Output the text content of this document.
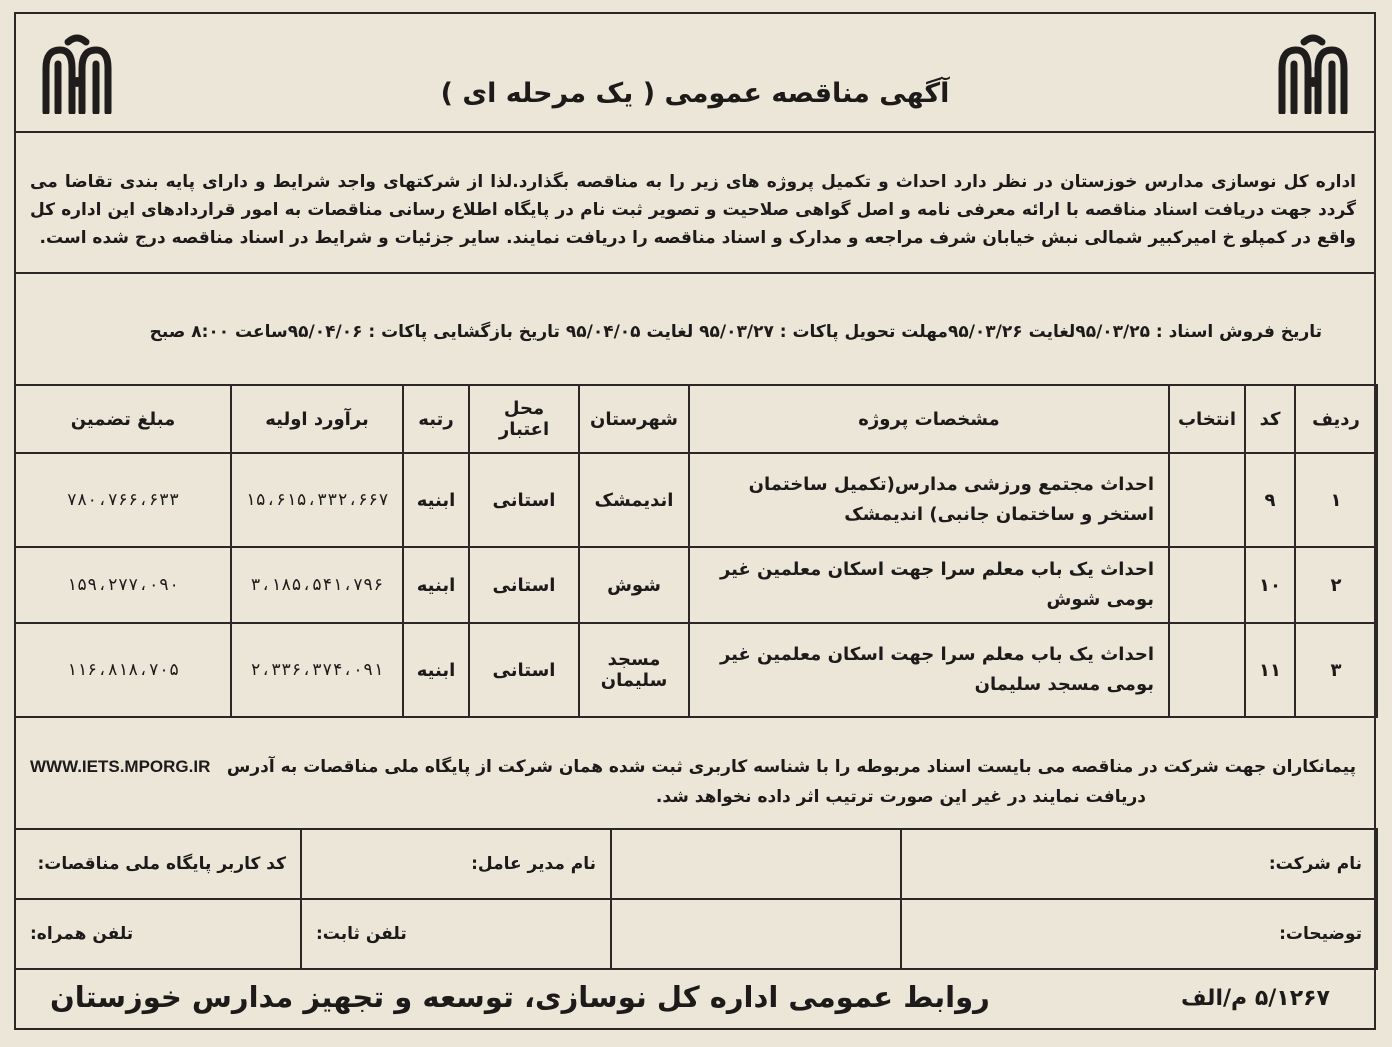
آگهی مناقصه عمومی ( یک مرحله ای )
اداره کل نوسازی مدارس خوزستان در نظر دارد احداث و تکمیل پروژه های زیر را به مناقصه بگذارد.لذا از شرکتهای واجد شرایط و دارای پایه بندی تقاضا می گردد جهت دریافت اسناد مناقصه با ارائه معرفی نامه و اصل گواهی صلاحیت و تصویر ثبت نام در پایگاه اطلاع رسانی مناقصات به امور قراردادهای این اداره کل واقع در کمپلو خ امیرکبیر شمالی نبش خیابان شرف مراجعه و مدارک و اسناد مناقصه را دریافت نمایند. سایر جزئیات و شرایط در اسناد مناقصه درج شده است.
تاریخ فروش اسناد : ۹۵/۰۳/۲۵لغایت ۹۵/۰۳/۲۶مهلت تحویل پاکات : ۹۵/۰۳/۲۷ لغایت ۹۵/۰۴/۰۵ تاریخ بازگشایی پاکات : ۹۵/۰۴/۰۶ساعت ۸:۰۰ صبح
ردیف	کد	انتخاب	مشخصات پروژه	شهرستان	محل اعتبار	رتبه	برآورد اولیه	مبلغ تضمین
۱	۹		احداث مجتمع ورزشی مدارس(تکمیل ساختمان استخر و ساختمان جانبی) اندیمشک	اندیمشک	استانی	ابنیه	۱۵،۶۱۵،۳۳۲،۶۶۷	۷۸۰،۷۶۶،۶۳۳
۲	۱۰		احداث یک باب معلم سرا جهت اسکان معلمین غیر بومی شوش	شوش	استانی	ابنیه	۳،۱۸۵،۵۴۱،۷۹۶	۱۵۹،۲۷۷،۰۹۰
۳	۱۱		احداث یک باب معلم سرا جهت اسکان معلمین غیر بومی مسجد سلیمان	مسجد سلیمان	استانی	ابنیه	۲،۳۳۶،۳۷۴،۰۹۱	۱۱۶،۸۱۸،۷۰۵
پیمانکاران جهت شرکت در مناقصه می بایست اسناد مربوطه را با شناسه کاربری ثبت شده همان شرکت از پایگاه ملی مناقصات به آدرس
WWW.IETS.MPORG.IR
دریافت نمایند در غیر این صورت ترتیب اثر داده نخواهد شد.
نام شرکت:		نام مدیر عامل:	کد کاربر پایگاه ملی مناقصات:
توضیحات:		تلفن ثابت:	تلفن همراه:
۵/۱۲۶۷ م/الف
روابط عمومی اداره کل نوسازی، توسعه و تجهیز مدارس خوزستان
